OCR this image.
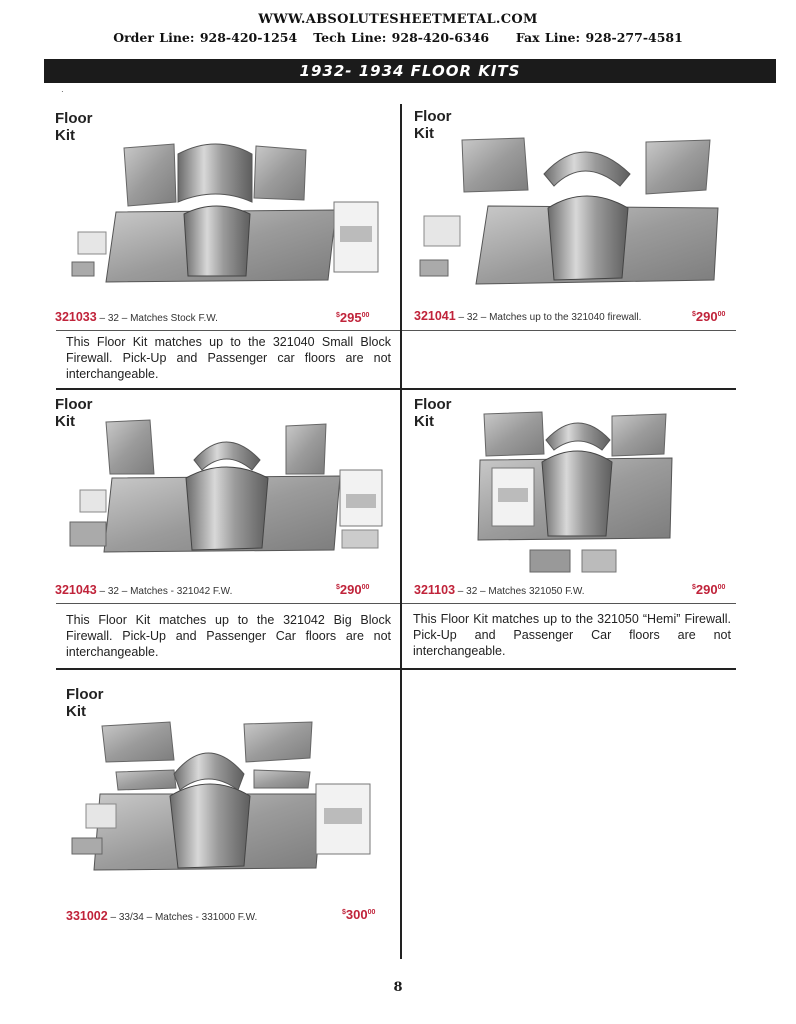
WWW.ABSOLUTESHEETMETAL.COM
Order Line: 928-420-1254 Tech Line: 928-420-6346 Fax Line: 928-277-4581
1932- 1934 FLOOR KITS
·
Floor Kit
321033 – 32 – Matches Stock F.W.	$^{\$}295^{00}$
This Floor Kit matches up to the 321040 Small Block Firewall. Pick-Up and Passenger car floors are not interchangeable.
Floor Kit
321041 – 32 – Matches up to the 321040 firewall.	$^{\$}290^{00}$
Floor Kit
321043 – 32 – Matches - 321042 F.W.	$^{\$}290^{00}$
This Floor Kit matches up to the 321042 Big Block Firewall. Pick-Up and Passenger Car floors are not interchangeable.
Floor Kit
321103 – 32 – Matches 321050 F.W.	$^{\$}290^{00}$
This Floor Kit matches up to the 321050 “Hemi” Firewall. Pick-Up and Passenger Car floors are not interchangeable.
Floor Kit
331002 – 33/34 – Matches - 331000 F.W.	$^{\$}300^{00}$
8
